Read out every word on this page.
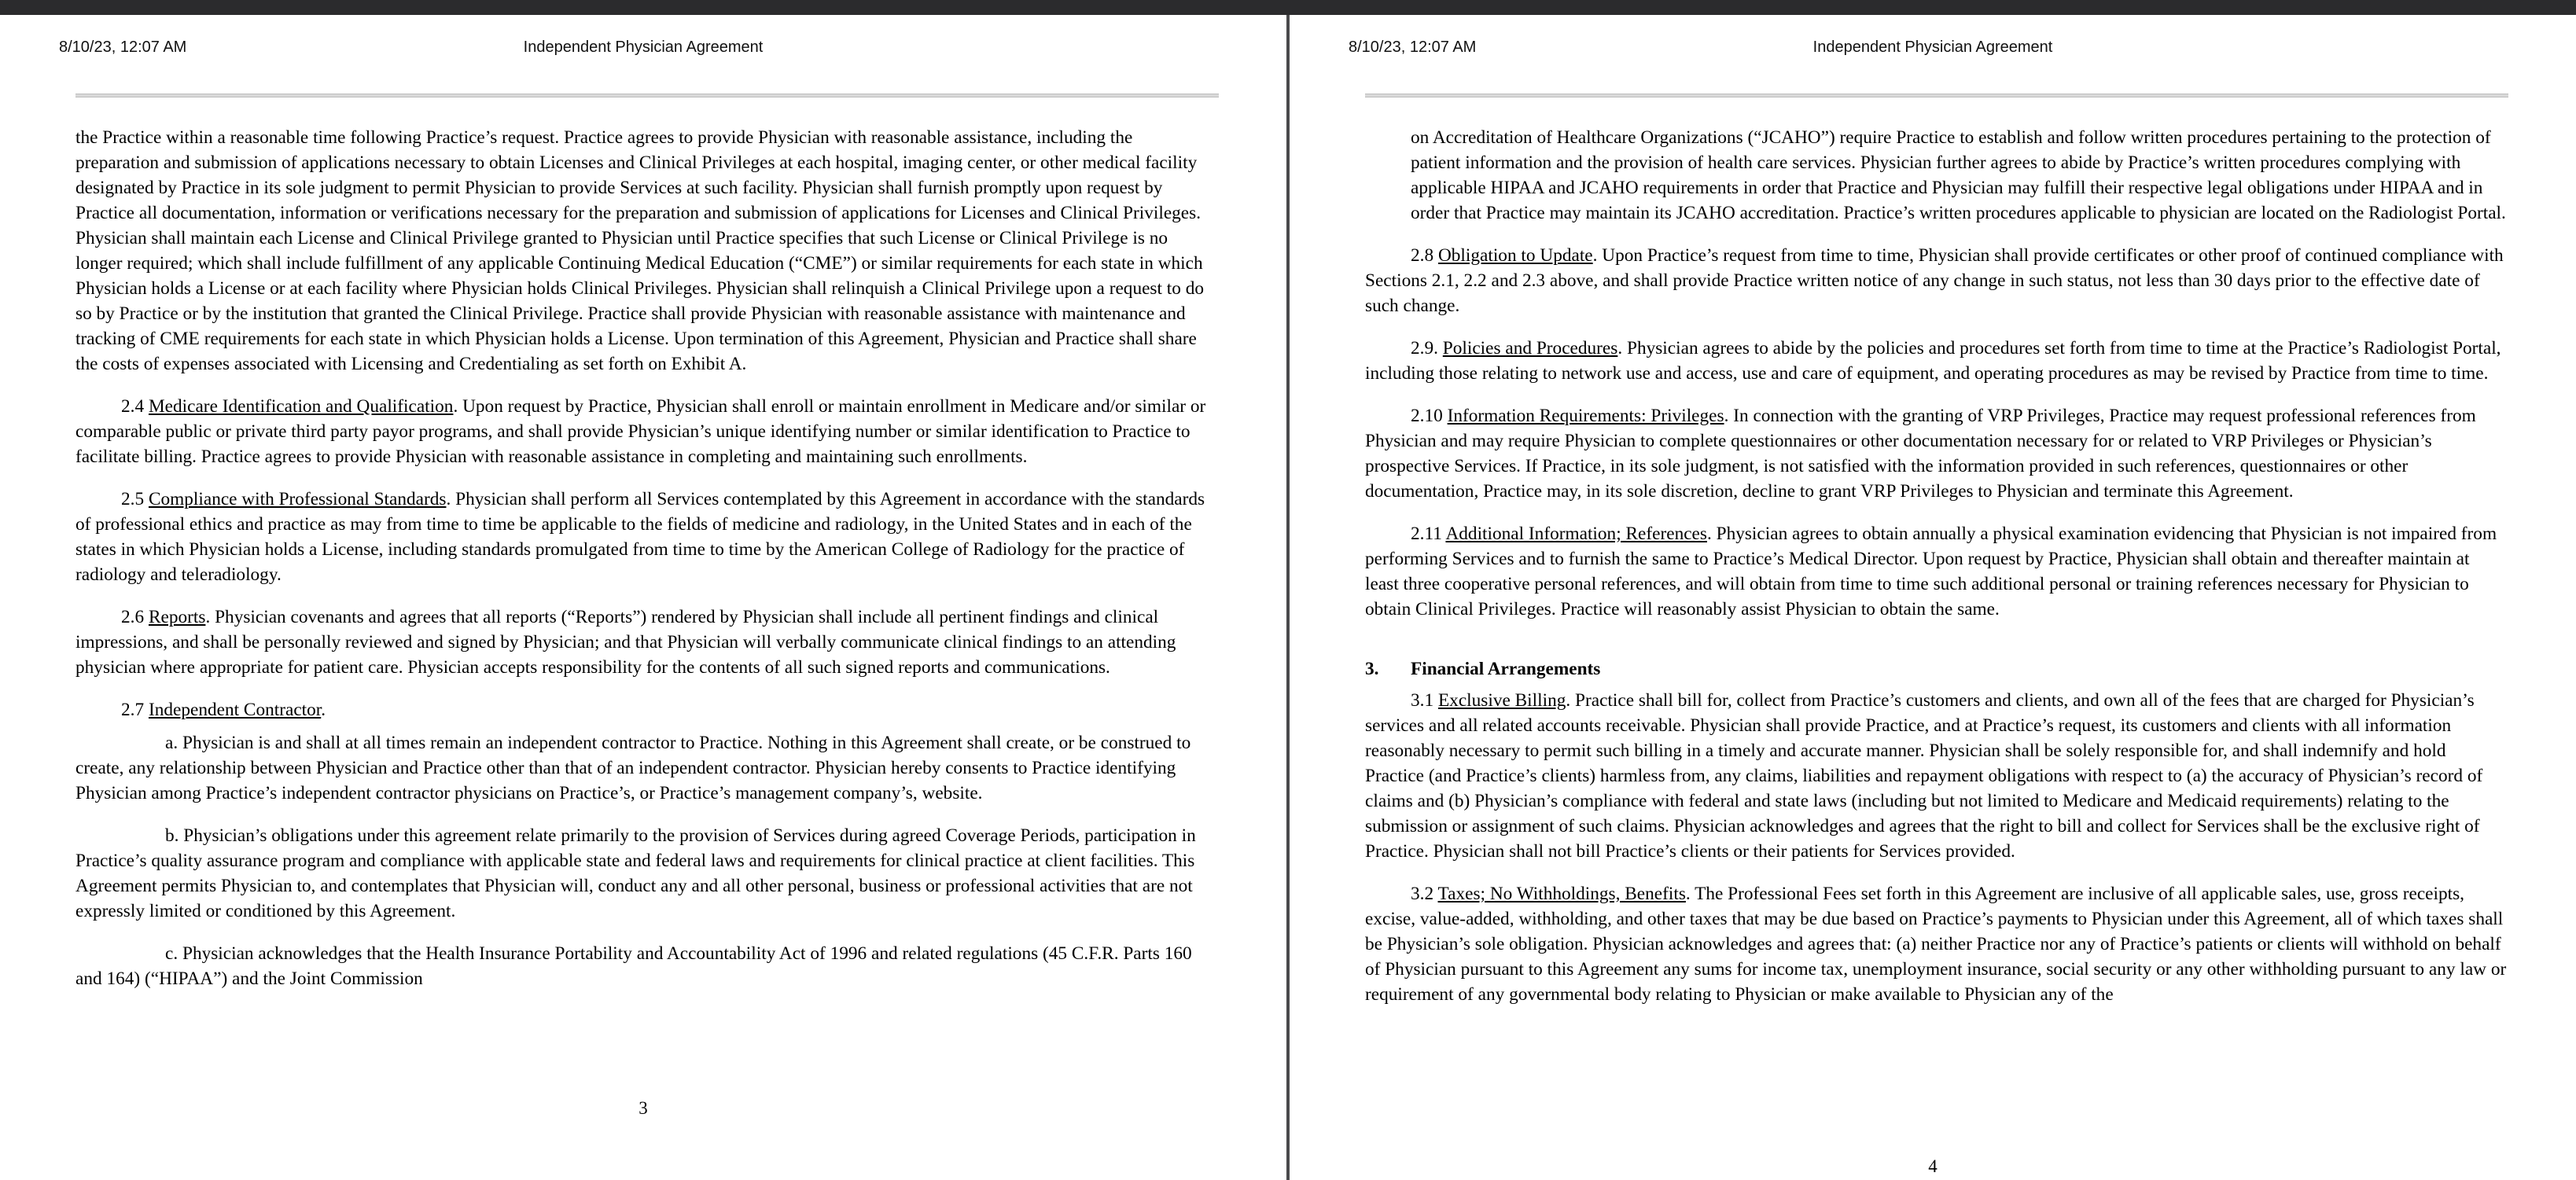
8/10/23, 12:07 AM	Independent Physician Agreement

the Practice within a reasonable time following Practice’s request. Practice agrees to provide Physician with reasonable assistance, including the preparation and submission of applications necessary to obtain Licenses and Clinical Privileges at each hospital, imaging center, or other medical facility designated by Practice in its sole judgment to permit Physician to provide Services at such facility. Physician shall furnish promptly upon request by Practice all documentation, information or verifications necessary for the preparation and submission of applications for Licenses and Clinical Privileges. Physician shall maintain each License and Clinical Privilege granted to Physician until Practice specifies that such License or Clinical Privilege is no longer required; which shall include fulfillment of any applicable Continuing Medical Education (“CME”) or similar requirements for each state in which Physician holds a License or at each facility where Physician holds Clinical Privileges. Physician shall relinquish a Clinical Privilege upon a request to do so by Practice or by the institution that granted the Clinical Privilege. Practice shall provide Physician with reasonable assistance with maintenance and tracking of CME requirements for each state in which Physician holds a License. Upon termination of this Agreement, Physician and Practice shall share the costs of expenses associated with Licensing and Credentialing as set forth on Exhibit A.

2.4 Medicare Identification and Qualification. Upon request by Practice, Physician shall enroll or maintain enrollment in Medicare and/or similar or comparable public or private third party payor programs, and shall provide Physician’s unique identifying number or similar identification to Practice to facilitate billing. Practice agrees to provide Physician with reasonable assistance in completing and maintaining such enrollments.

2.5 Compliance with Professional Standards. Physician shall perform all Services contemplated by this Agreement in accordance with the standards of professional ethics and practice as may from time to time be applicable to the fields of medicine and radiology, in the United States and in each of the states in which Physician holds a License, including standards promulgated from time to time by the American College of Radiology for the practice of radiology and teleradiology.

2.6 Reports. Physician covenants and agrees that all reports (“Reports”) rendered by Physician shall include all pertinent findings and clinical impressions, and shall be personally reviewed and signed by Physician; and that Physician will verbally communicate clinical findings to an attending physician where appropriate for patient care. Physician accepts responsibility for the contents of all such signed reports and communications.

2.7 Independent Contractor.

a. Physician is and shall at all times remain an independent contractor to Practice. Nothing in this Agreement shall create, or be construed to create, any relationship between Physician and Practice other than that of an independent contractor. Physician hereby consents to Practice identifying Physician among Practice’s independent contractor physicians on Practice’s, or Practice’s management company’s, website.

b. Physician’s obligations under this agreement relate primarily to the provision of Services during agreed Coverage Periods, participation in Practice’s quality assurance program and compliance with applicable state and federal laws and requirements for clinical practice at client facilities. This Agreement permits Physician to, and contemplates that Physician will, conduct any and all other personal, business or professional activities that are not expressly limited or conditioned by this Agreement.

c. Physician acknowledges that the Health Insurance Portability and Accountability Act of 1996 and related regulations (45 C.F.R. Parts 160 and 164) (“HIPAA”) and the Joint Commission

3
8/10/23, 12:07 AM	Independent Physician Agreement

on Accreditation of Healthcare Organizations (“JCAHO”) require Practice to establish and follow written procedures pertaining to the protection of patient information and the provision of health care services. Physician further agrees to abide by Practice’s written procedures complying with applicable HIPAA and JCAHO requirements in order that Practice and Physician may fulfill their respective legal obligations under HIPAA and in order that Practice may maintain its JCAHO accreditation. Practice’s written procedures applicable to physician are located on the Radiologist Portal.

2.8 Obligation to Update. Upon Practice’s request from time to time, Physician shall provide certificates or other proof of continued compliance with Sections 2.1, 2.2 and 2.3 above, and shall provide Practice written notice of any change in such status, not less than 30 days prior to the effective date of such change.

2.9. Policies and Procedures. Physician agrees to abide by the policies and procedures set forth from time to time at the Practice’s Radiologist Portal, including those relating to network use and access, use and care of equipment, and operating procedures as may be revised by Practice from time to time.

2.10 Information Requirements: Privileges. In connection with the granting of VRP Privileges, Practice may request professional references from Physician and may require Physician to complete questionnaires or other documentation necessary for or related to VRP Privileges or Physician’s prospective Services. If Practice, in its sole judgment, is not satisfied with the information provided in such references, questionnaires or other documentation, Practice may, in its sole discretion, decline to grant VRP Privileges to Physician and terminate this Agreement.

2.11 Additional Information; References. Physician agrees to obtain annually a physical examination evidencing that Physician is not impaired from performing Services and to furnish the same to Practice’s Medical Director. Upon request by Practice, Physician shall obtain and thereafter maintain at least three cooperative personal references, and will obtain from time to time such additional personal or training references necessary for Physician to obtain Clinical Privileges. Practice will reasonably assist Physician to obtain the same.

3. Financial Arrangements

3.1 Exclusive Billing. Practice shall bill for, collect from Practice’s customers and clients, and own all of the fees that are charged for Physician’s services and all related accounts receivable. Physician shall provide Practice, and at Practice’s request, its customers and clients with all information reasonably necessary to permit such billing in a timely and accurate manner. Physician shall be solely responsible for, and shall indemnify and hold Practice (and Practice’s clients) harmless from, any claims, liabilities and repayment obligations with respect to (a) the accuracy of Physician’s record of claims and (b) Physician’s compliance with federal and state laws (including but not limited to Medicare and Medicaid requirements) relating to the submission or assignment of such claims. Physician acknowledges and agrees that the right to bill and collect for Services shall be the exclusive right of Practice. Physician shall not bill Practice’s clients or their patients for Services provided.

3.2 Taxes; No Withholdings, Benefits. The Professional Fees set forth in this Agreement are inclusive of all applicable sales, use, gross receipts, excise, value-added, withholding, and other taxes that may be due based on Practice’s payments to Physician under this Agreement, all of which taxes shall be Physician’s sole obligation. Physician acknowledges and agrees that: (a) neither Practice nor any of Practice’s patients or clients will withhold on behalf of Physician pursuant to this Agreement any sums for income tax, unemployment insurance, social security or any other withholding pursuant to any law or requirement of any governmental body relating to Physician or make available to Physician any of the

4
